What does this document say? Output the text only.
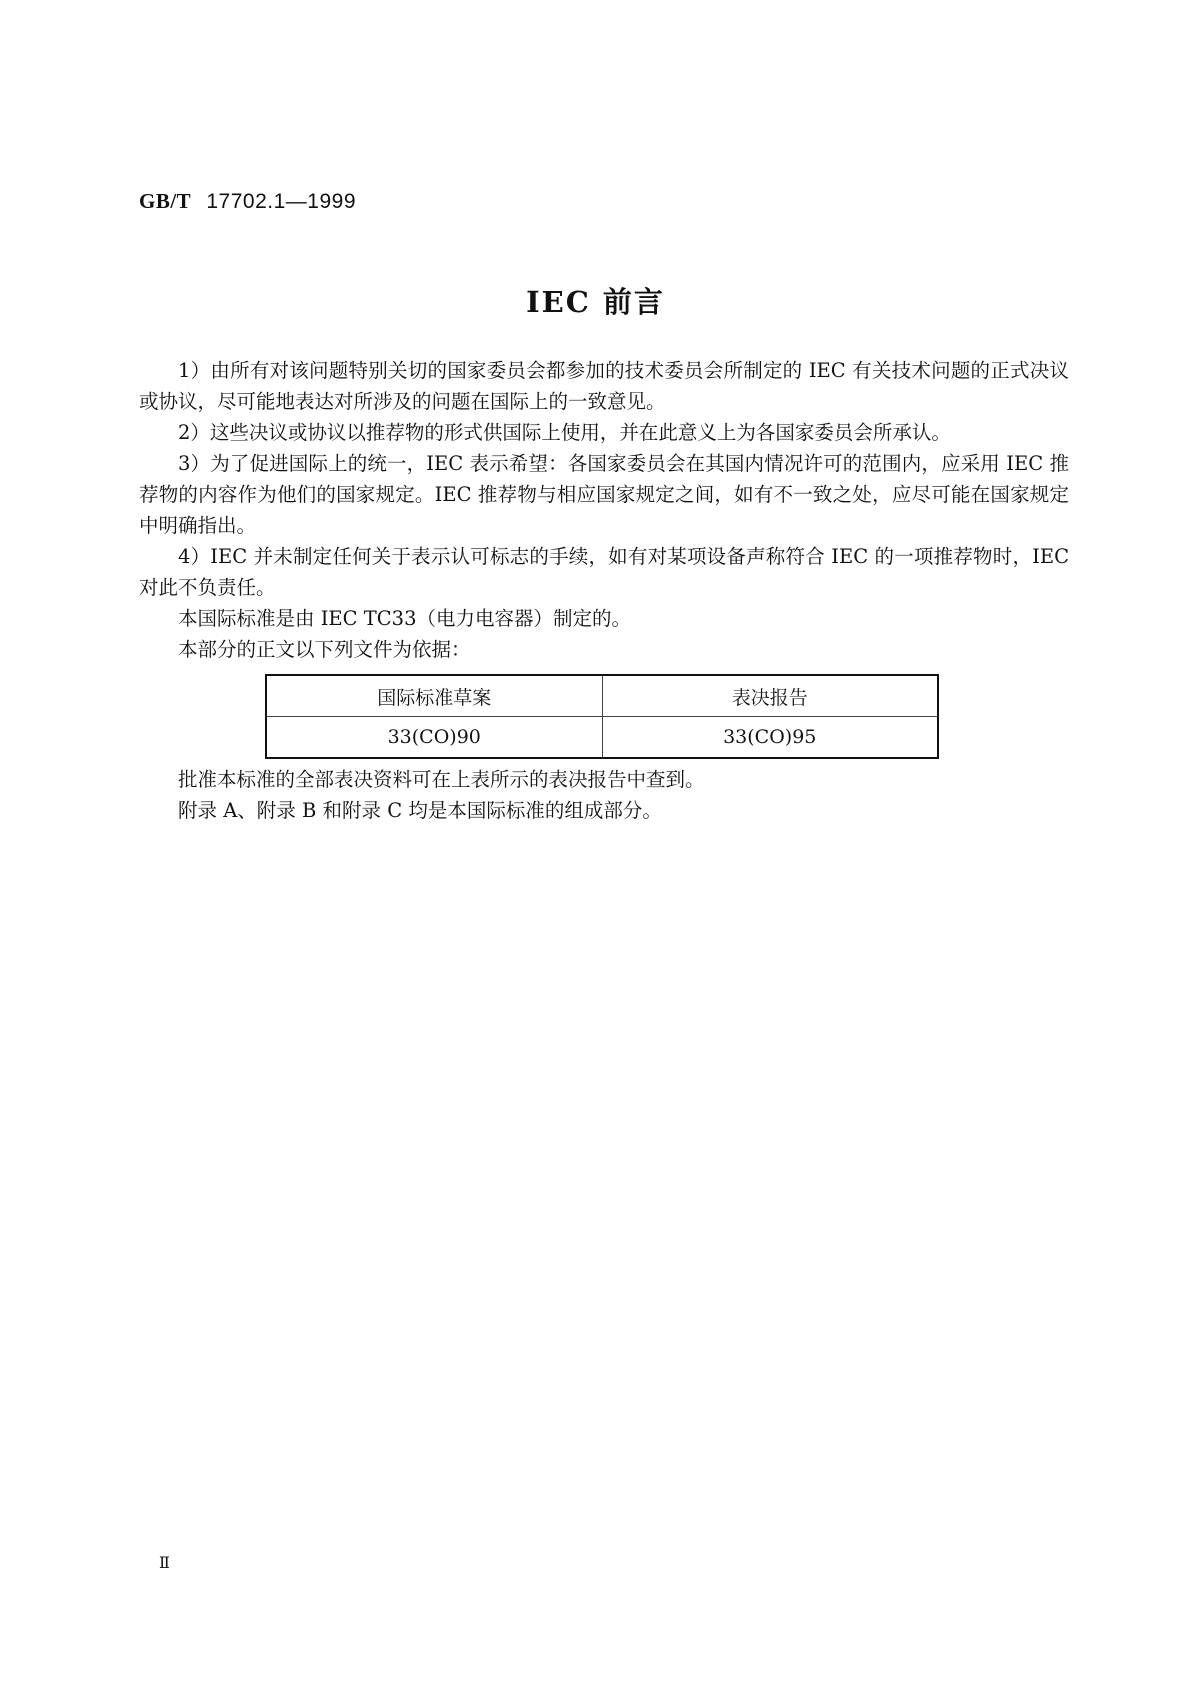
GB/T 17702.1—1999
IEC 前言

1）由所有对该问题特别关切的国家委员会都参加的技术委员会所制定的 IEC 有关技术问题的正式决议或协议，尽可能地表达对所涉及的问题在国际上的一致意见。

2）这些决议或协议以推荐物的形式供国际上使用，并在此意义上为各国家委员会所承认。

3）为了促进国际上的统一，IEC 表示希望：各国家委员会在其国内情况许可的范围内，应采用 IEC 推荐物的内容作为他们的国家规定。IEC 推荐物与相应国家规定之间，如有不一致之处，应尽可能在国家规定中明确指出。

4）IEC 并未制定任何关于表示认可标志的手续，如有对某项设备声称符合 IEC 的一项推荐物时，IEC 对此不负责任。

本国际标准是由 IEC TC33（电力电容器）制定的。

本部分的正文以下列文件为依据：

国际标准草案	表决报告
33(CO)90	33(CO)95

批准本标准的全部表决资料可在上表所示的表决报告中查到。

附录 A、附录 B 和附录 C 均是本国际标准的组成部分。

Ⅱ
